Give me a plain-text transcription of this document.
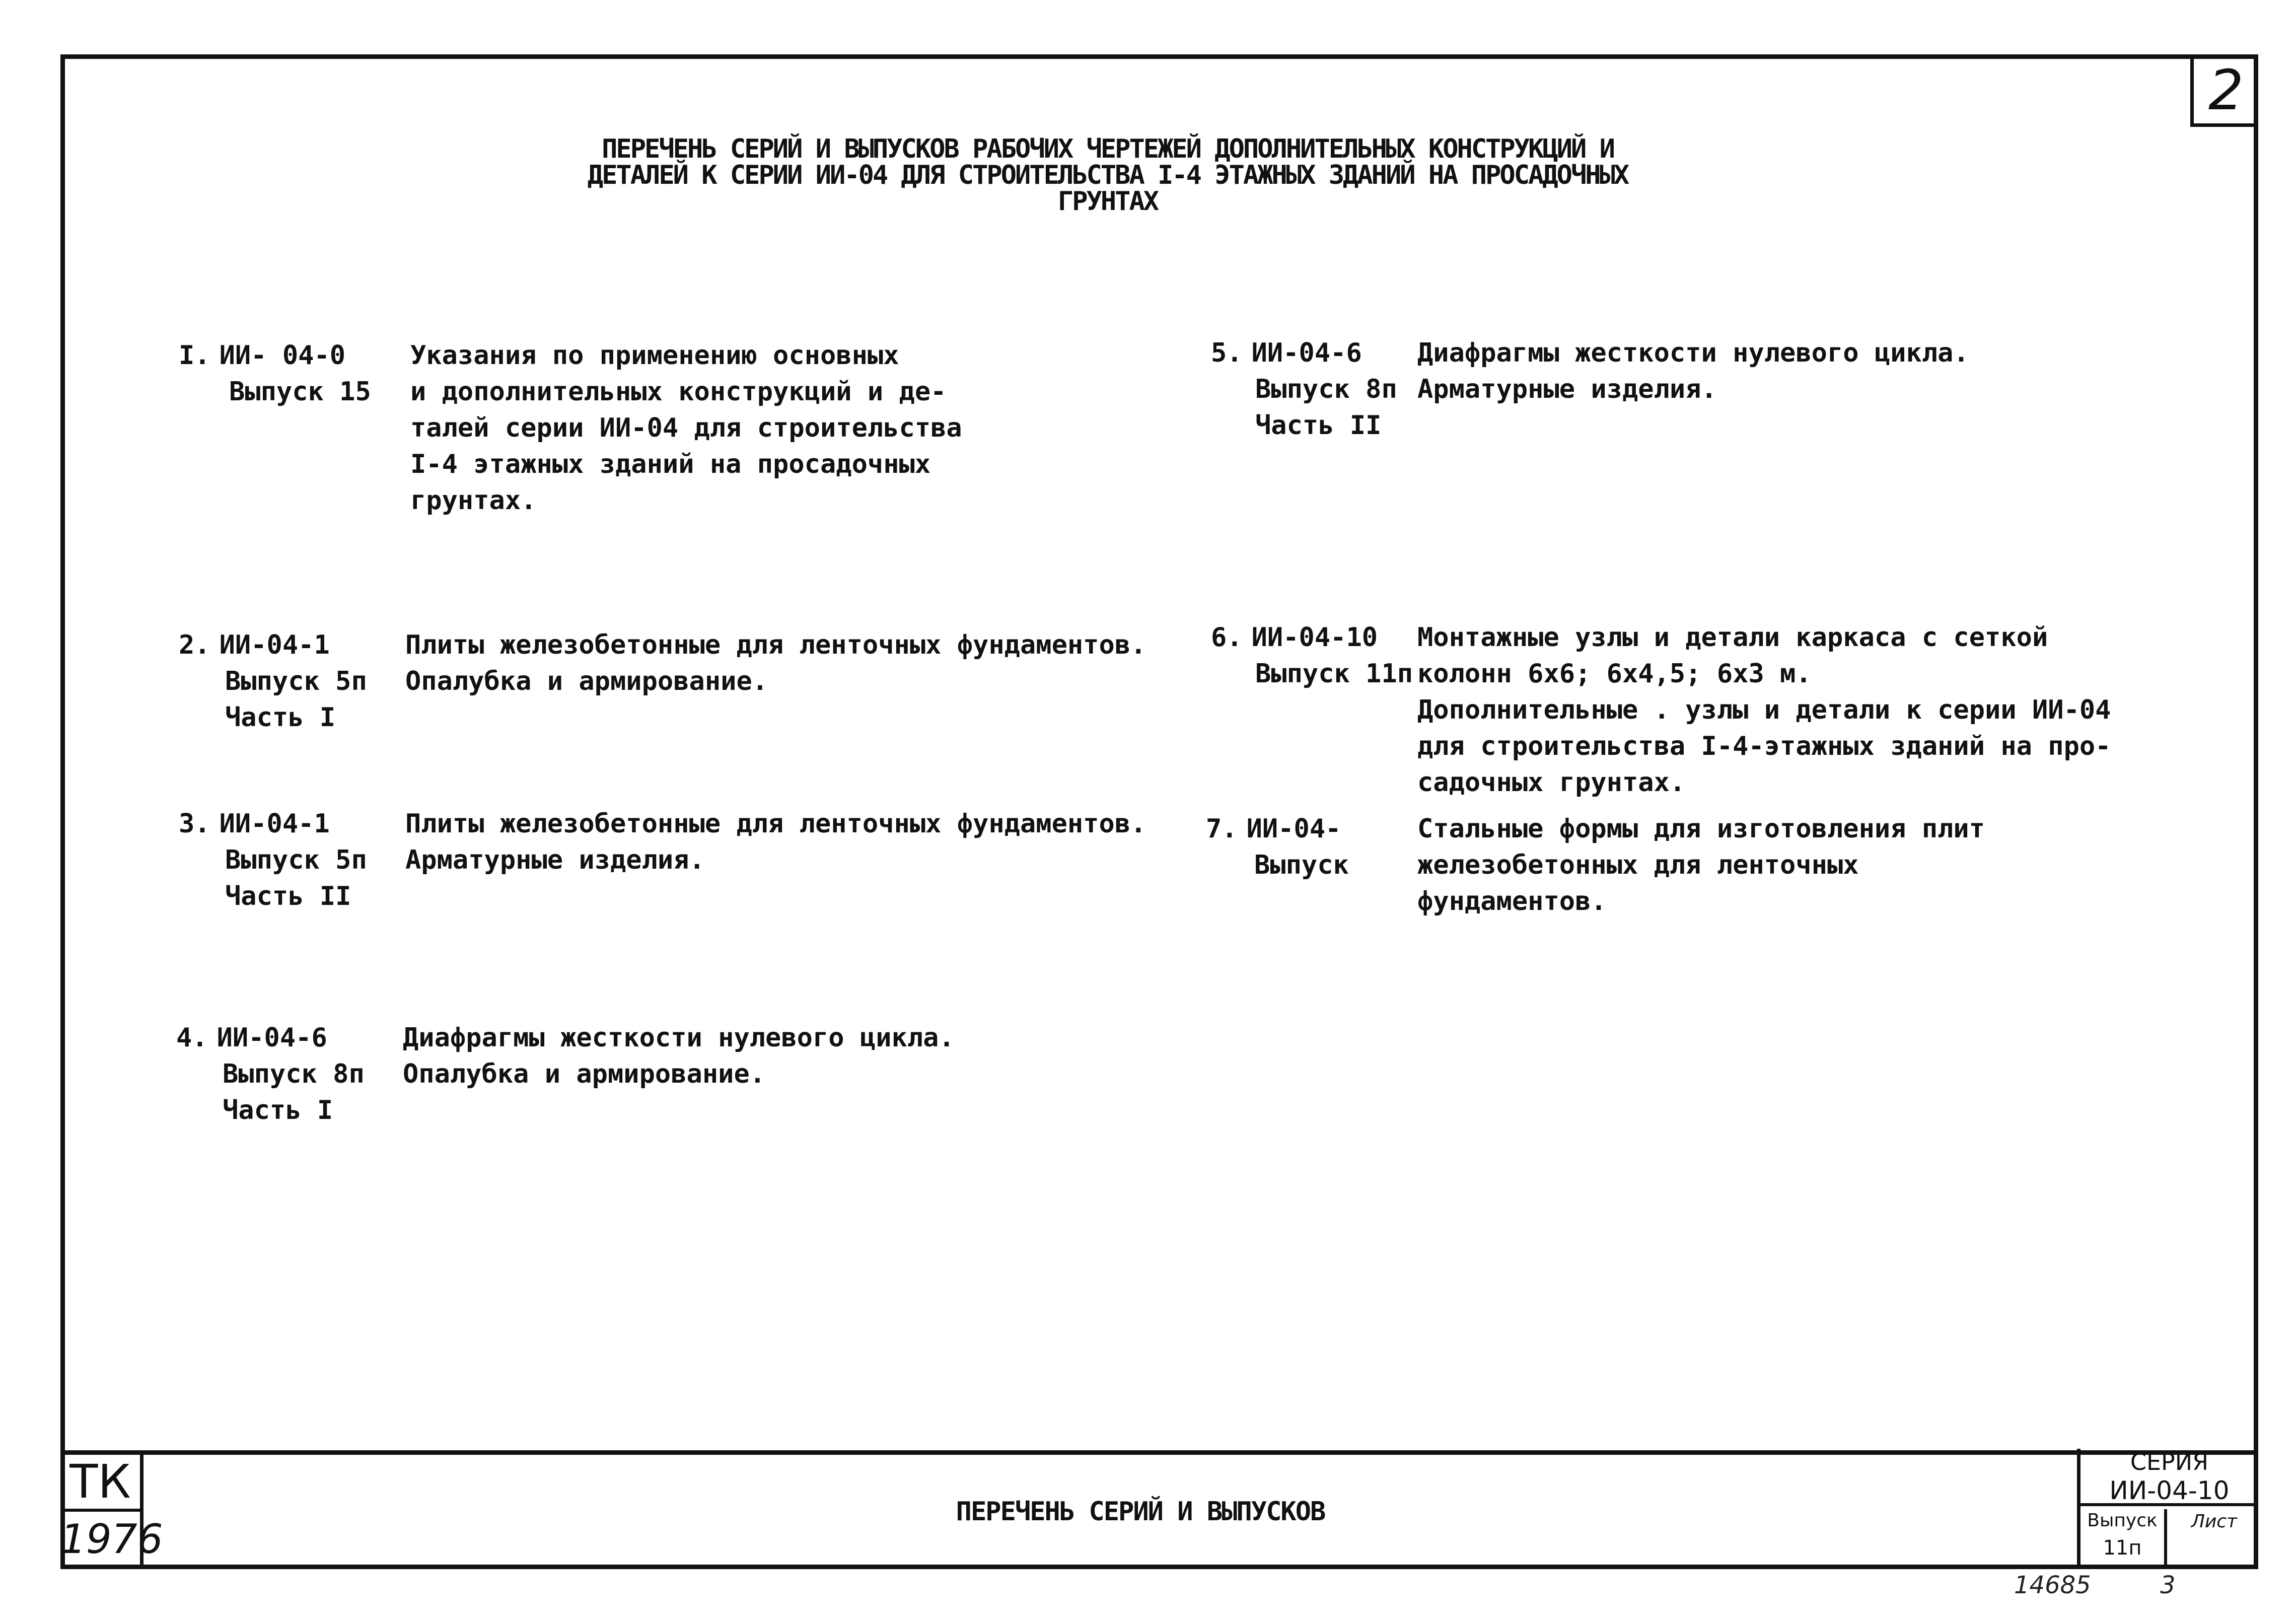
2
ПЕРЕЧЕНЬ СЕРИЙ И ВЫПУСКОВ РАБОЧИХ ЧЕРТЕЖЕЙ ДОПОЛНИТЕЛЬНЫХ КОНСТРУКЦИЙ И
ДЕТАЛЕЙ К СЕРИИ ИИ-04 ДЛЯ СТРОИТЕЛЬСТВА I-4 ЭТАЖНЫХ ЗДАНИЙ НА ПРОСАДОЧНЫХ
ГРУНТАХ
I. ИИ- 04-0
Выпуск 15
Указания по применению основных
и дополнительных конструкций и де-
талей серии ИИ-04 для строительства
I-4 этажных зданий на просадочных
грунтах.
2. ИИ-04-1
Выпуск 5п
Часть I
Плиты железобетонные для ленточных фундаментов.
Опалубка и армирование.
3. ИИ-04-1
Выпуск 5п
Часть II
Плиты железобетонные для ленточных фундаментов.
Арматурные изделия.
4. ИИ-04-6
Выпуск 8п
Часть I
Диафрагмы жесткости нулевого цикла.
Опалубка и армирование.
5. ИИ-04-6
Выпуск 8п
Часть II
Диафрагмы жесткости нулевого цикла.
Арматурные изделия.
6. ИИ-04-10
Выпуск 11п
Монтажные узлы и детали каркаса с сеткой
колонн 6х6; 6х4,5; 6х3 м.
Дополнительные . узлы и детали к серии ИИ-04
для строительства I-4-этажных зданий на про-
садочных грунтах.
7. ИИ-04-
Выпуск
Стальные формы для изготовления плит
железобетонных для ленточных
фундаментов.
ТК
1976
ПЕРЕЧЕНЬ СЕРИЙ И ВЫПУСКОВ
СЕРИЯ
ИИ-04-10
Выпуск
11п
Лист
14685	3
